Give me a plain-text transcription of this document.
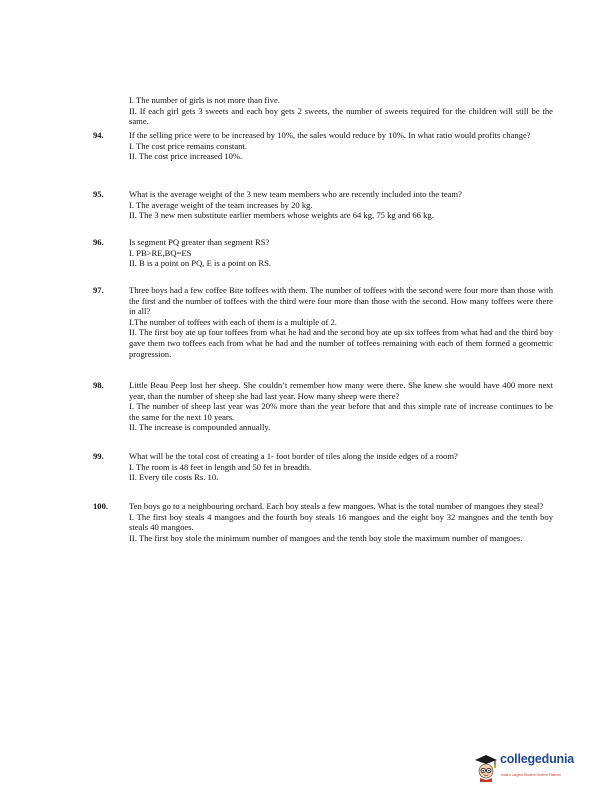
I. The number of girls is not more than five.
II. If each girl gets 3 sweets and each boy gets 2 sweets, the number of sweets required for the children will still be the same.
94.	If the selling price were to be increased by 10%, the sales would reduce by 10%. In what ratio would profits change?
I. The cost price remains constant.
II. The cost price increased 10%.
95.	What is the average weight of the 3 new team members who are recently included into the team?
I. The average weight of the team increases by 20 kg.
II. The 3 new men substitute earlier members whose weights are 64 kg, 75 kg and 66 kg.
96.	Is segment PQ greater than segment RS?
I. PB>RE,BQ=ES
II. B is a point on PQ, E is a point on RS.
97.	Three boys had a few coffee Bite toffees with them. The number of toffees with the second were four more than those with the first and the number of toffees with the third were four more than those with the second. How many toffees were there in all?
I.The number of toffees with each of them is a multiple of 2.
II. The first boy ate up four toffees from what he had and the second boy ate up six toffees from what had and the third boy gave them two toffees each from what he had and the number of toffees remaining with each of them formed a geometric progression.
98.	Little Beau Peep lost her sheep. She couldn’t remember how many were there. She knew she would have 400 more next year, than the number of sheep she had last year. How many sheep were there?
I. The number of sheep last year was 20% more than the year before that and this simple rate of increase continues to be the same for the next 10 years.
II. The increase is compounded annually.
99.	What will be the total cost of creating a 1- foot border of tiles along the inside edges of a room?
I. The room is 48 feet in length and 50 fet in breadth.
II. Every tile costs Rs. 10.
100. Ten boys go to a neighbouring orchard. Each boy steals a few mangoes. What is the total number of mangoes they steal?
I. The first boy steals 4 mangoes and the fourth boy steals 16 mangoes and the eight boy 32 mangoes and the tenth boy steals 40 mangoes.
II. The first boy stole the minimum number of mangoes and the tenth boy stole the maximum number of mangoes.
collegedunia
India's Largest Student Review Platform
